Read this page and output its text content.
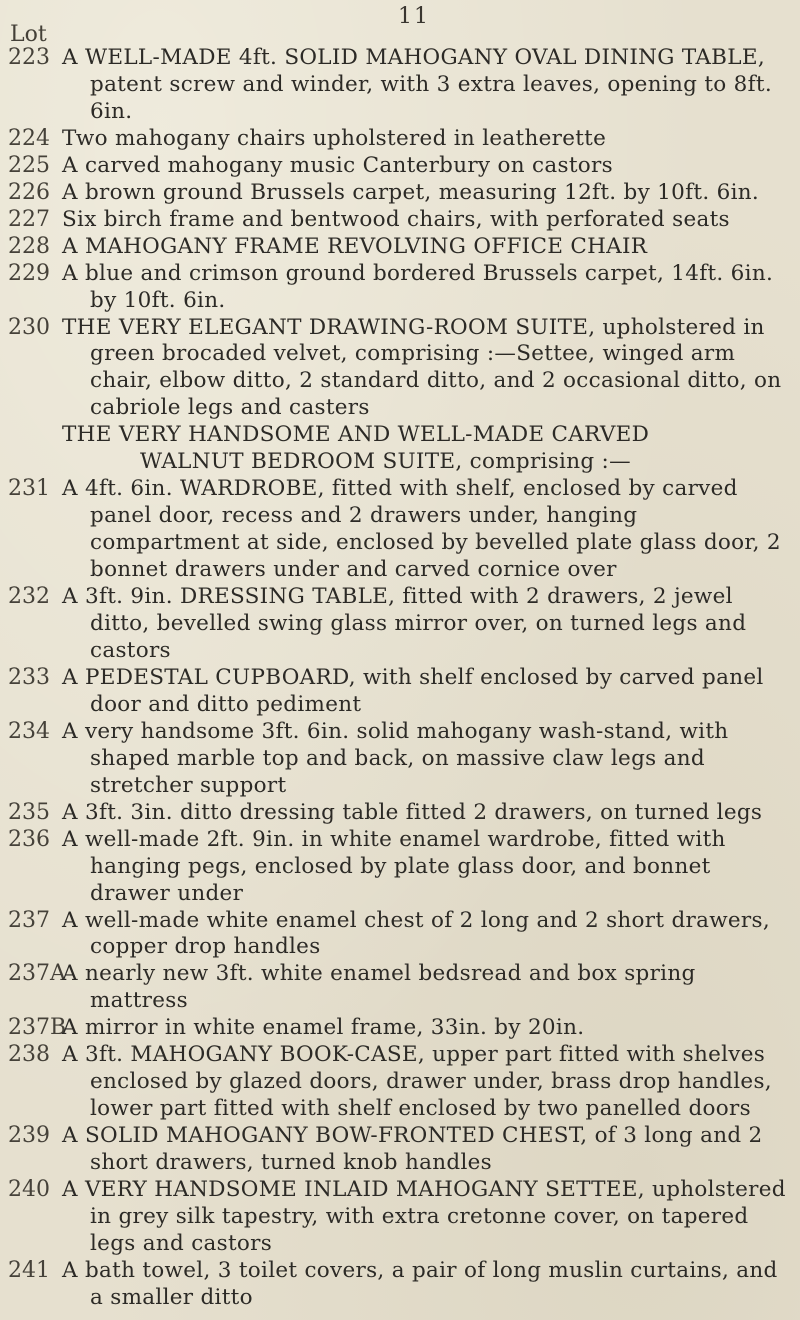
11
Lot
223 A WELL-MADE 4ft. SOLID MAHOGANY OVAL DINING TABLE, patent screw and winder, with 3 extra leaves, opening to 8ft. 6in.
224 Two mahogany chairs upholstered in leatherette
225 A carved mahogany music Canterbury on castors
226 A brown ground Brussels carpet, measuring 12ft. by 10ft. 6in.
227 Six birch frame and bentwood chairs, with perforated seats
228 A MAHOGANY FRAME REVOLVING OFFICE CHAIR
229 A blue and crimson ground bordered Brussels carpet, 14ft. 6in. by 10ft. 6in.
230 THE VERY ELEGANT DRAWING-ROOM SUITE, upholstered in green brocaded velvet, comprising :—Settee, winged arm chair, elbow ditto, 2 standard ditto, and 2 occasional ditto, on cabriole legs and casters
THE VERY HANDSOME AND WELL-MADE CARVED
WALNUT BEDROOM SUITE, comprising :—
231 A 4ft. 6in. WARDROBE, fitted with shelf, enclosed by carved panel door, recess and 2 drawers under, hanging compartment at side, enclosed by bevelled plate glass door, 2 bonnet drawers under and carved cornice over
232 A 3ft. 9in. DRESSING TABLE, fitted with 2 drawers, 2 jewel ditto, bevelled swing glass mirror over, on turned legs and castors
233 A PEDESTAL CUPBOARD, with shelf enclosed by carved panel door and ditto pediment
234 A very handsome 3ft. 6in. solid mahogany wash-stand, with shaped marble top and back, on massive claw legs and stretcher support
235 A 3ft. 3in. ditto dressing table fitted 2 drawers, on turned legs
236 A well-made 2ft. 9in. in white enamel wardrobe, fitted with hanging pegs, enclosed by plate glass door, and bonnet drawer under
237 A well-made white enamel chest of 2 long and 2 short drawers, copper drop handles
237A
A nearly new 3ft. white enamel bedsread and box spring mattress
237B
A mirror in white enamel frame, 33in. by 20in.
238 A 3ft. MAHOGANY BOOK-CASE, upper part fitted with shelves enclosed by glazed doors, drawer under, brass drop handles, lower part fitted with shelf enclosed by two panelled doors
239 A SOLID MAHOGANY BOW-FRONTED CHEST, of 3 long and 2 short drawers, turned knob handles
240 A VERY HANDSOME INLAID MAHOGANY SETTEE, upholstered in grey silk tapestry, with extra cretonne cover, on tapered legs and castors
241 A bath towel, 3 toilet covers, a pair of long muslin curtains, and a smaller ditto
